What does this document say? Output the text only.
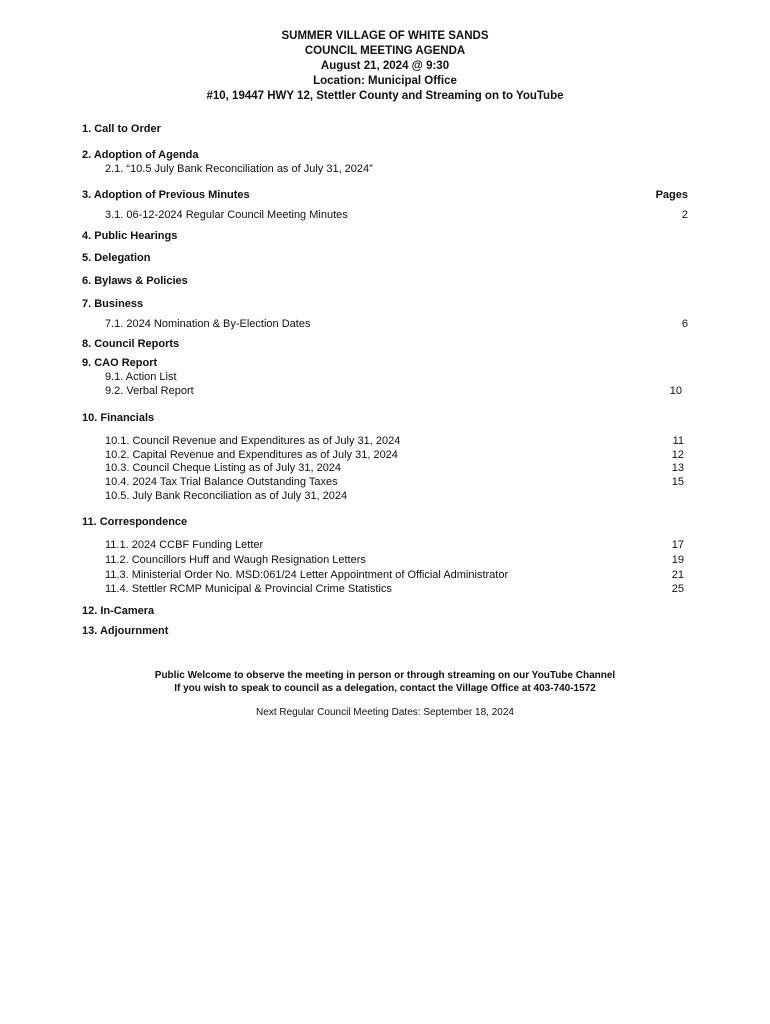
SUMMER VILLAGE OF WHITE SANDS
COUNCIL MEETING AGENDA
August 21, 2024 @ 9:30
Location: Municipal Office
#10, 19447 HWY 12, Stettler County and Streaming on to YouTube
1. Call to Order
2. Adoption of Agenda
2.1. “10.5 July Bank Reconciliation as of July 31, 2024”
3. Adoption of Previous Minutes	Pages
3.1. 06-12-2024 Regular Council Meeting Minutes	2
4. Public Hearings
5. Delegation
6. Bylaws & Policies
7. Business
7.1. 2024 Nomination & By-Election Dates	6
8. Council Reports
9. CAO Report
9.1. Action List
9.2. Verbal Report	10
10. Financials
10.1. Council Revenue and Expenditures as of July 31, 2024	11
10.2. Capital Revenue and Expenditures as of July 31, 2024	12
10.3. Council Cheque Listing as of July 31, 2024	13
10.4. 2024 Tax Trial Balance Outstanding Taxes	15
10.5. July Bank Reconciliation as of July 31, 2024
11. Correspondence
11.1. 2024 CCBF Funding Letter	17
11.2. Councillors Huff and Waugh Resignation Letters	19
11.3. Ministerial Order No. MSD:061/24 Letter Appointment of Official Administrator	21
11.4. Stettler RCMP Municipal & Provincial Crime Statistics	25
12. In-Camera
13. Adjournment
Public Welcome to observe the meeting in person or through streaming on our YouTube Channel
If you wish to speak to council as a delegation, contact the Village Office at 403-740-1572
Next Regular Council Meeting Dates: September 18, 2024
